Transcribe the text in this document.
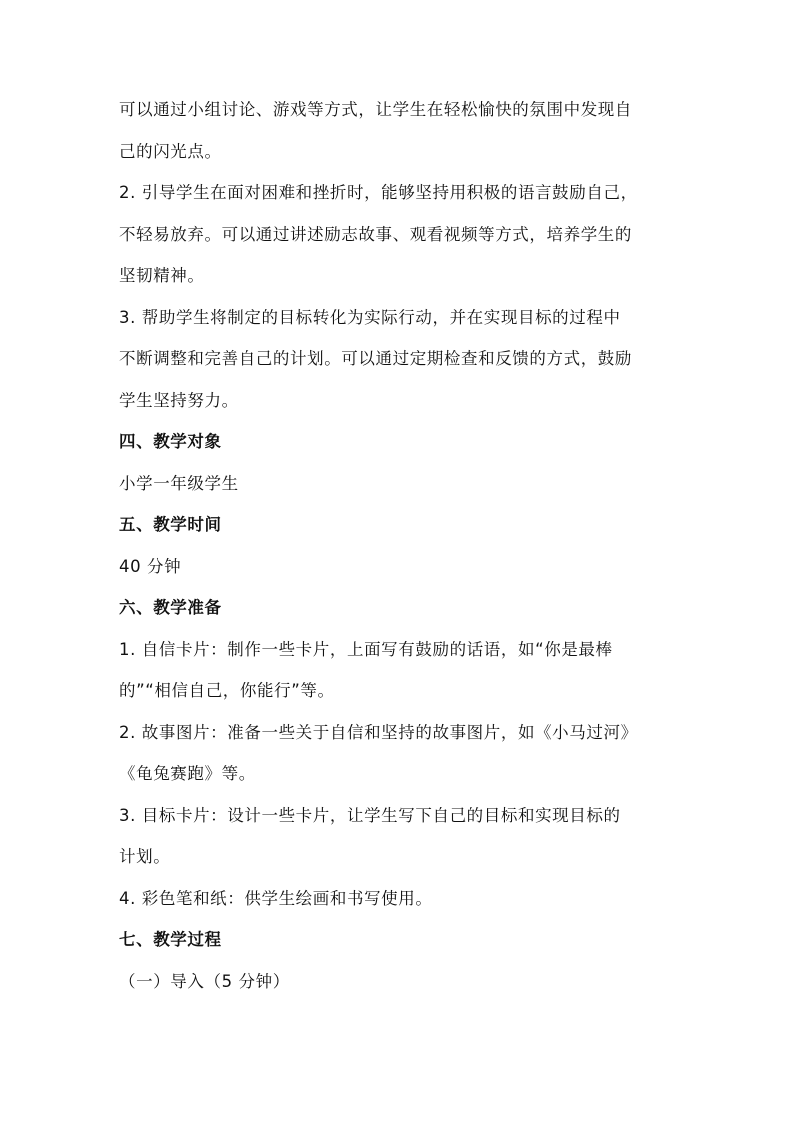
可以通过小组讨论、游戏等方式，让学生在轻松愉快的氛围中发现自
己的闪光点。
2. 引导学生在面对困难和挫折时，能够坚持用积极的语言鼓励自己，
不轻易放弃。可以通过讲述励志故事、观看视频等方式，培养学生的
坚韧精神。
3. 帮助学生将制定的目标转化为实际行动，并在实现目标的过程中
不断调整和完善自己的计划。可以通过定期检查和反馈的方式，鼓励
学生坚持努力。
四、教学对象
小学一年级学生
五、教学时间
40 分钟
六、教学准备
1. 自信卡片：制作一些卡片，上面写有鼓励的话语，如“你是最棒
的”“相信自己，你能行”等。
2. 故事图片：准备一些关于自信和坚持的故事图片，如《小马过河》
《龟兔赛跑》等。
3. 目标卡片：设计一些卡片，让学生写下自己的目标和实现目标的
计划。
4. 彩色笔和纸：供学生绘画和书写使用。
七、教学过程
（一）导入（5 分钟）
